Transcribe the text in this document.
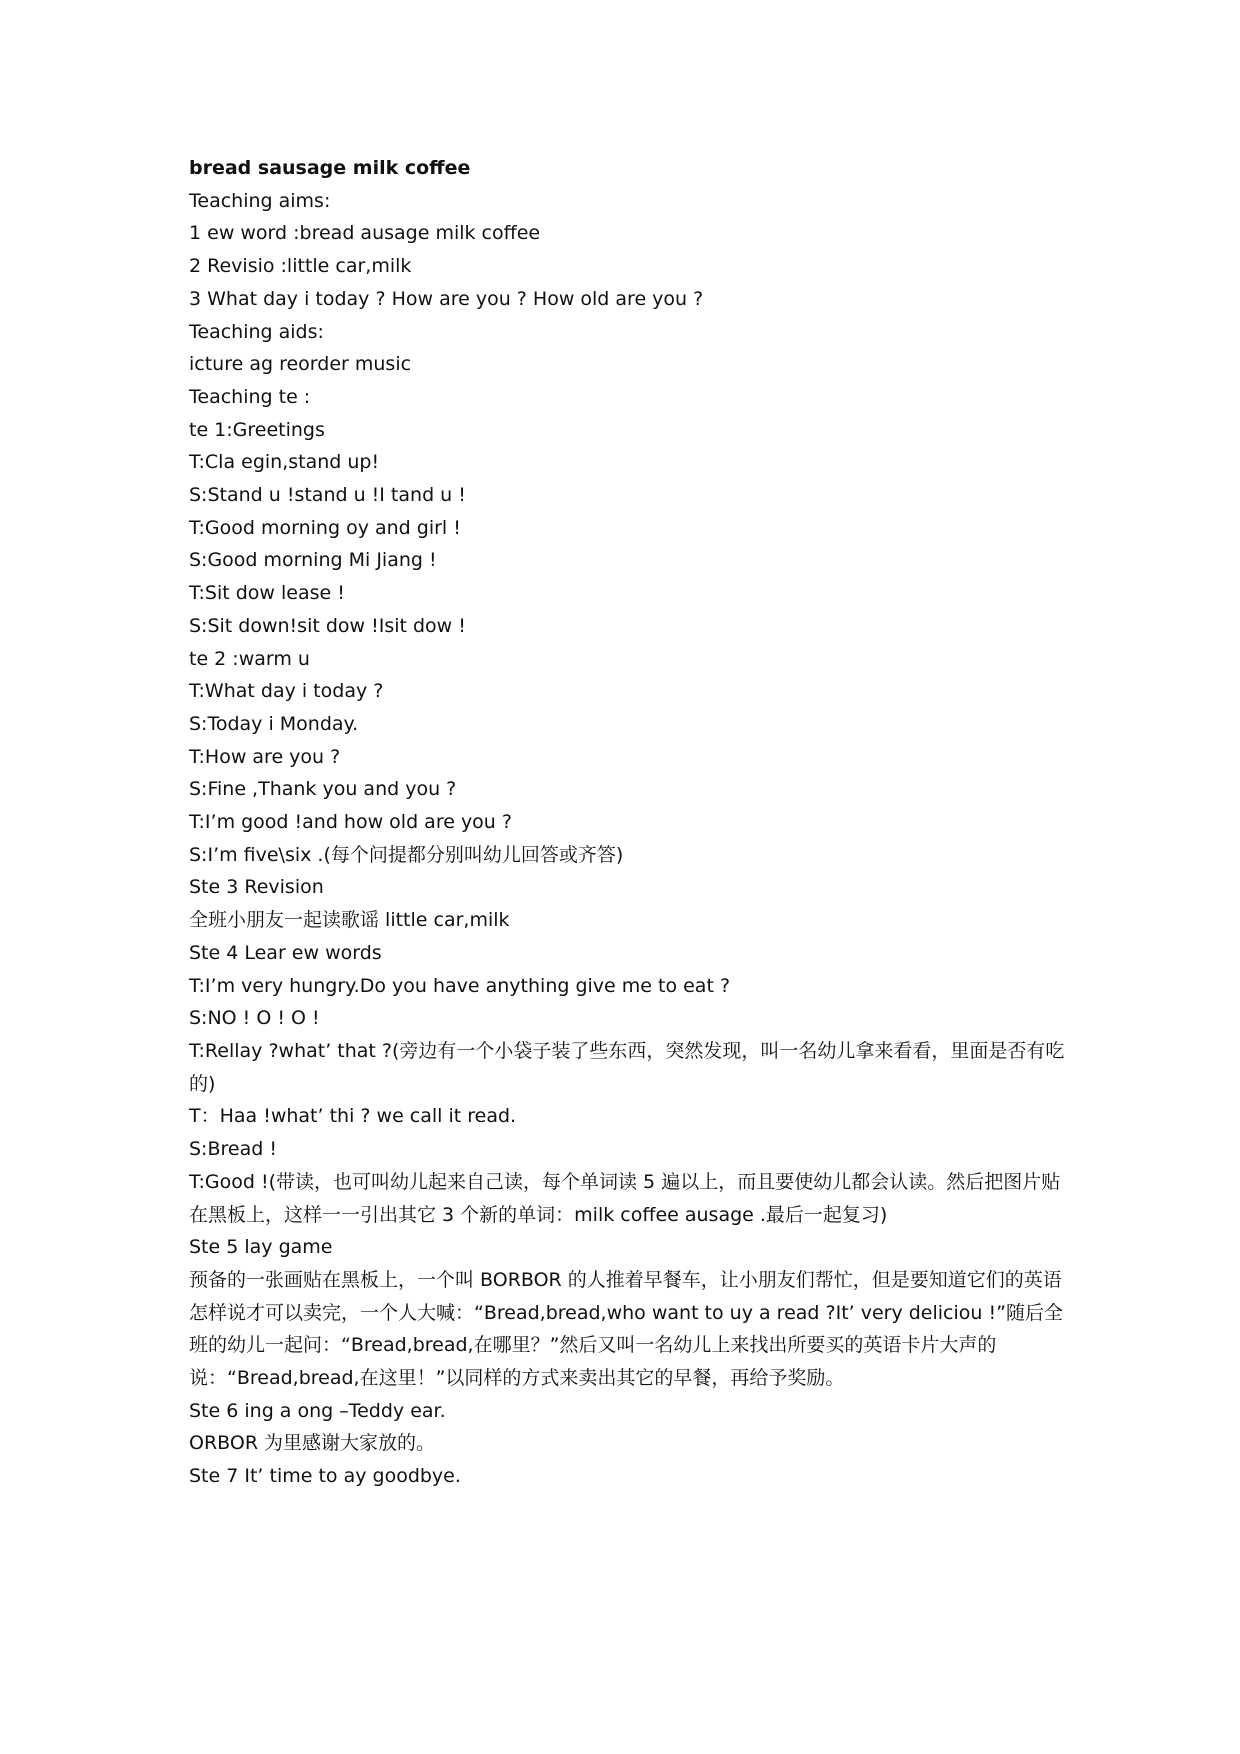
bread sausage milk coffee

Teaching aims:

1 ew word :bread ausage milk coffee

2 Revisio :little car,milk

3 What day i today ? How are you ? How old are you ?

Teaching aids:

icture ag reorder music

Teaching te :

te 1:Greetings

T:Cla egin,stand up!

S:Stand u !stand u !I tand u !

T:Good morning oy and girl !

S:Good morning Mi Jiang !

T:Sit dow lease !

S:Sit down!sit dow !Isit dow !

te 2 :warm u

T:What day i today ?

S:Today i Monday.

T:How are you ?

S:Fine ,Thank you and you ?

T:I’m good !and how old are you ?

S:I’m five\six .(每个问提都分别叫幼儿回答或齐答)

Ste 3 Revision

全班小朋友一起读歌谣 little car,milk

Ste 4 Lear ew words

T:I’m very hungry.Do you have anything give me to eat ?

S:NO ! O ! O !

T:Rellay ?what’ that ?(旁边有一个小袋子装了些东西，突然发现，叫一名幼儿拿来看看，里面是否有吃的)

T：Haa !what’ thi ? we call it read.

S:Bread !

T:Good !(带读，也可叫幼儿起来自己读，每个单词读 5 遍以上，而且要使幼儿都会认读。然后把图片贴在黑板上，这样一一引出其它 3 个新的单词：milk coffee ausage .最后一起复习)

Ste 5 lay game

预备的一张画贴在黑板上，一个叫 BORBOR 的人推着早餐车，让小朋友们帮忙，但是要知道它们的英语怎样说才可以卖完，一个人大喊：“Bread,bread,who want to uy a read ?It’ very deliciou !”随后全班的幼儿一起问：“Bread,bread,在哪里？”然后又叫一名幼儿上来找出所要买的英语卡片大声的说：“Bread,bread,在这里！”以同样的方式来卖出其它的早餐，再给予奖励。

Ste 6 ing a ong –Teddy ear.

ORBOR 为里感谢大家放的。

Ste 7 It’ time to ay goodbye.
